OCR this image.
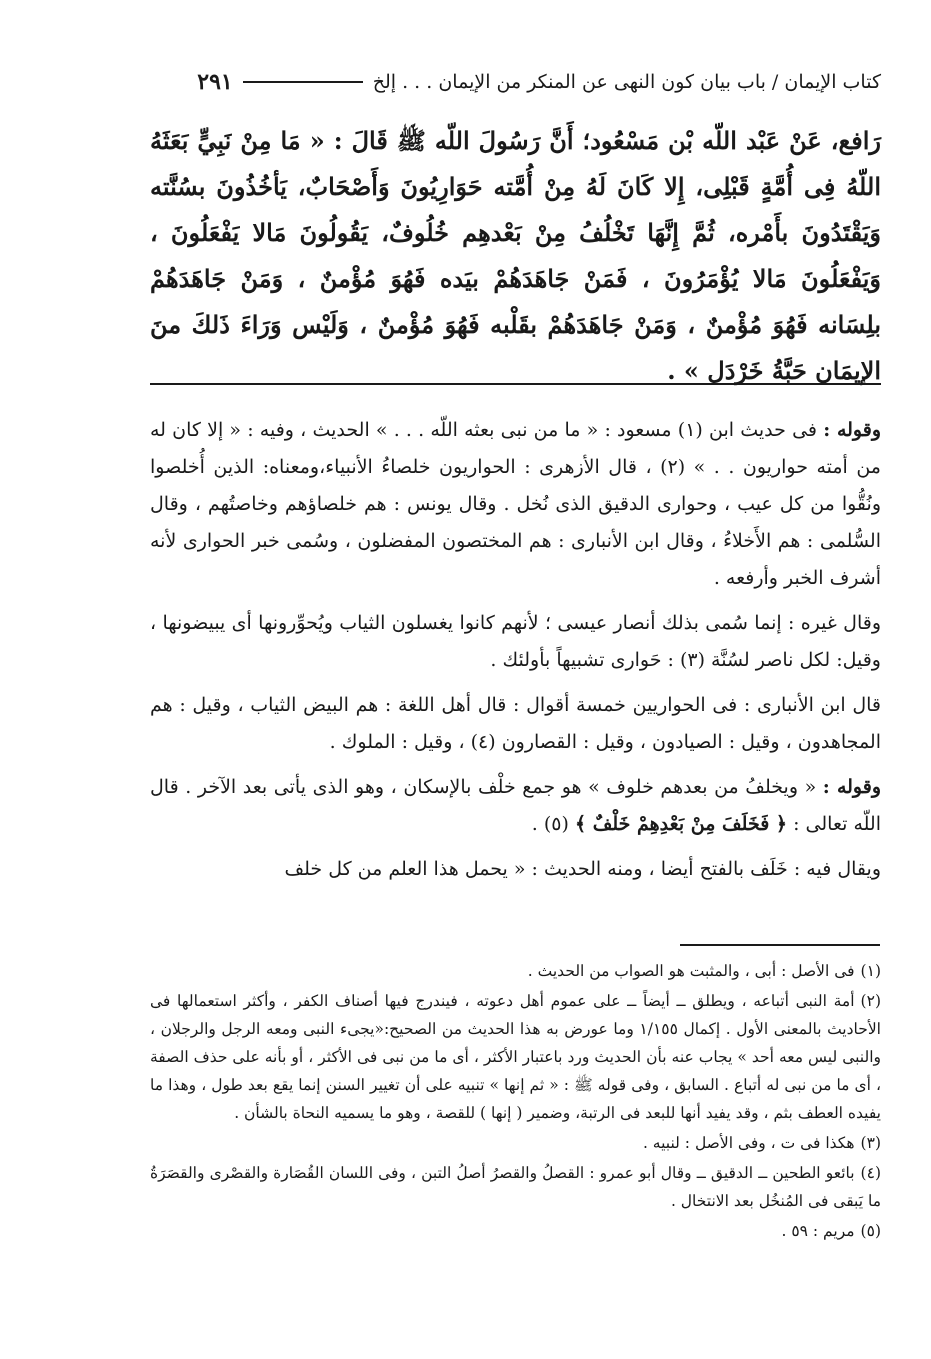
كتاب الإيمان / باب بيان كون النهى عن المنكر من الإيمان . . . إلخ
٢٩١
رَافع، عَنْ عَبْد اللّه بْن مَسْعُود؛ أَنَّ رَسُولَ اللّه ﷺ قَالَ : « مَا مِنْ نَبِيٍّ بَعَثَهُ اللّهُ فِى أُمَّةٍ قَبْلِى، إِلا كَانَ لَهُ مِنْ أُمَّته حَوَارِيُونَ وَأَصْحَابٌ، يَأخُذُونَ بسُنَّته وَيَقْتَدُونَ بأَمْره، ثُمَّ إِنَّهَا تَخْلُفُ مِنْ بَعْدهِم خُلُوفٌ، يَقُولُونَ مَالا يَفْعَلُونَ ، وَيَفْعَلُونَ مَالا يُؤْمَرُونَ ، فَمَنْ جَاهَدَهُمْ بيَده فَهُوَ مُؤْمنٌ ، وَمَنْ جَاهَدَهُمْ بلِسَانه فَهُوَ مُؤْمنٌ ، وَمَنْ جَاهَدَهُمْ بقَلْبه فَهُوَ مُؤْمنٌ ، وَلَيْس وَرَاءَ ذَلكَ منَ الإيمَان حَبَّةُ خَرْدَل » .

وقوله : فى حديث ابن (١) مسعود : « ما من نبى بعثه اللّه . . . » الحديث ، وفيه : « إلا كان له من أمته حواريون . . » (٢) ، قال الأزهرى : الحواريون خلصاءُ الأنبياء،ومعناه: الذين أُخلصوا ونُقُّوا من كل عيب ، وحوارى الدقيق الذى نُخل . وقال يونس : هم خلصاؤهم وخاصتُهم ، وقال السُّلمى : هم الأَخلاءُ ، وقال ابن الأنبارى : هم المختصون المفضلون ، وسُمى خبر الحوارى لأنه أشرف الخبر وأرفعه .

وقال غيره : إنما سُمى بذلك أنصار عيسى ؛ لأنهم كانوا يغسلون الثياب ويُحوِّرونها أى يبيضونها ، وقيل: لكل ناصر لسُنَّة (٣) : حَوارى تشبيهاً بأولئك .

قال ابن الأنبارى : فى الحواريين خمسة أقوال : قال أهل اللغة : هم البيض الثياب ، وقيل : هم المجاهدون ، وقيل : الصيادون ، وقيل : القصارون (٤) ، وقيل : الملوك .

وقوله : « ويخلفُ من بعدهم خلوف » هو جمع خلْف بالإسكان ، وهو الذى يأتى بعد الآخر . قال اللّه تعالى : ﴿ فَخَلَفَ مِنْ بَعْدِهِمْ خَلْفٌ ﴾ (٥) .

ويقال فيه : خَلَف بالفتح أيضا ، ومنه الحديث : « يحمل هذا العلم من كل خلف

(١)فى الأصل : أبى ، والمثبت هو الصواب من الحديث .
(٢)أمة النبى أتباعه ، ويطلق ــ أيضاً ــ على عموم أهل دعوته ، فيندرج فيها أصناف الكفر ، وأكثر استعمالها فى الأحاديث بالمعنى الأول . إكمال ١/١٥٥ وما عورض به هذا الحديث من الصحيح:«يجىء النبى ومعه الرجل والرجلان ، والنبى ليس معه أحد » يجاب عنه بأن الحديث ورد باعتبار الأكثر ، أى ما من نبى فى الأكثر ، أو بأنه على حذف الصفة ، أى ما من نبى له أتباع . السابق ، وفى قوله ﷺ : « ثم إنها » تنبيه على أن تغيير السنن إنما يقع بعد طول ، وهذا ما يفيده العطف بثم ، وقد يفيد أنها للبعد فى الرتبة، وضمير ( إنها ) للقصة ، وهو ما يسميه النحاة بالشأن .
(٣)هكذا فى ت ، وفى الأصل : لنبيه .
(٤)بائعو الطحين ــ الدقيق ــ وقال أبو عمرو : القصلُ والقصرُ أصلُ التبن ، وفى اللسان القُصَارة والقصْرى والقصَرَةُ ما يَبقى فى المُنخُل بعد الانتخال .
(٥)مريم : ٥٩ .
